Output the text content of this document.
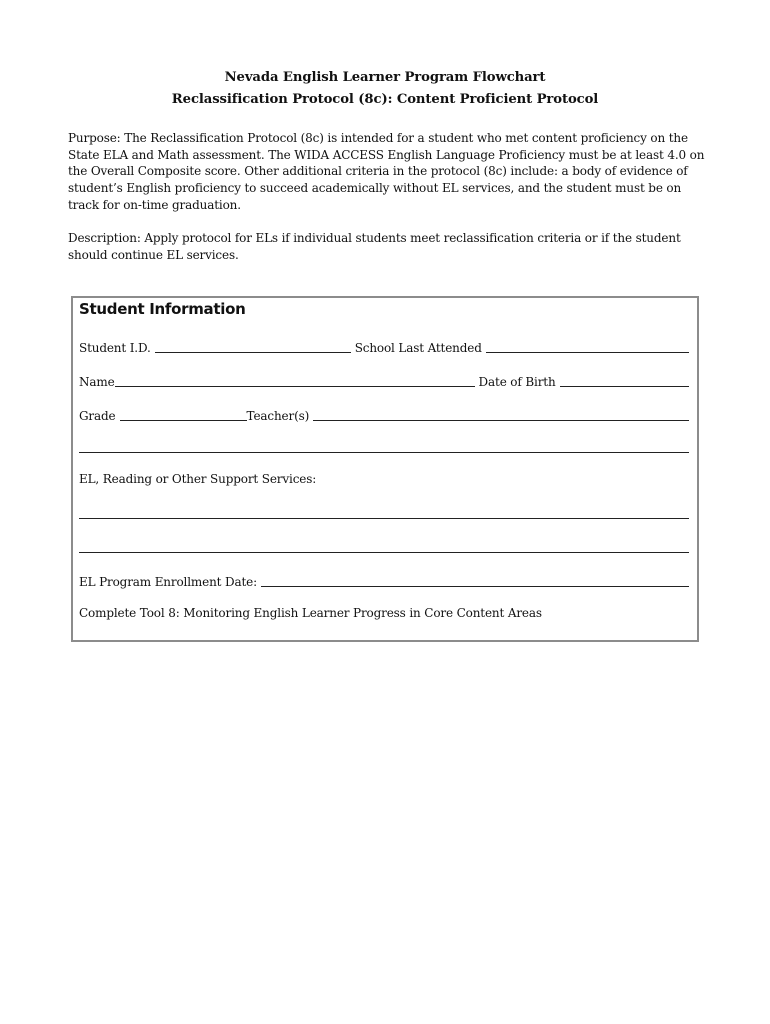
Nevada English Learner Program Flowchart
Reclassification Protocol (8c): Content Proficient Protocol
Purpose: The Reclassification Protocol (8c) is intended for a student who met content proficiency on the
State ELA and Math assessment. The WIDA ACCESS English Language Proficiency must be at least 4.0 on
the Overall Composite score. Other additional criteria in the protocol (8c) include: a body of evidence of
student’s English proficiency to succeed academically without EL services, and the student must be on
track for on-time graduation.
Description: Apply protocol for ELs if individual students meet reclassification criteria or if the student
should continue EL services.
Student Information
Student I.D.	School Last Attended
Name	Date of Birth
Grade	Teacher(s)
EL, Reading or Other Support Services:
EL Program Enrollment Date:
Complete Tool 8: Monitoring English Learner Progress in Core Content Areas
